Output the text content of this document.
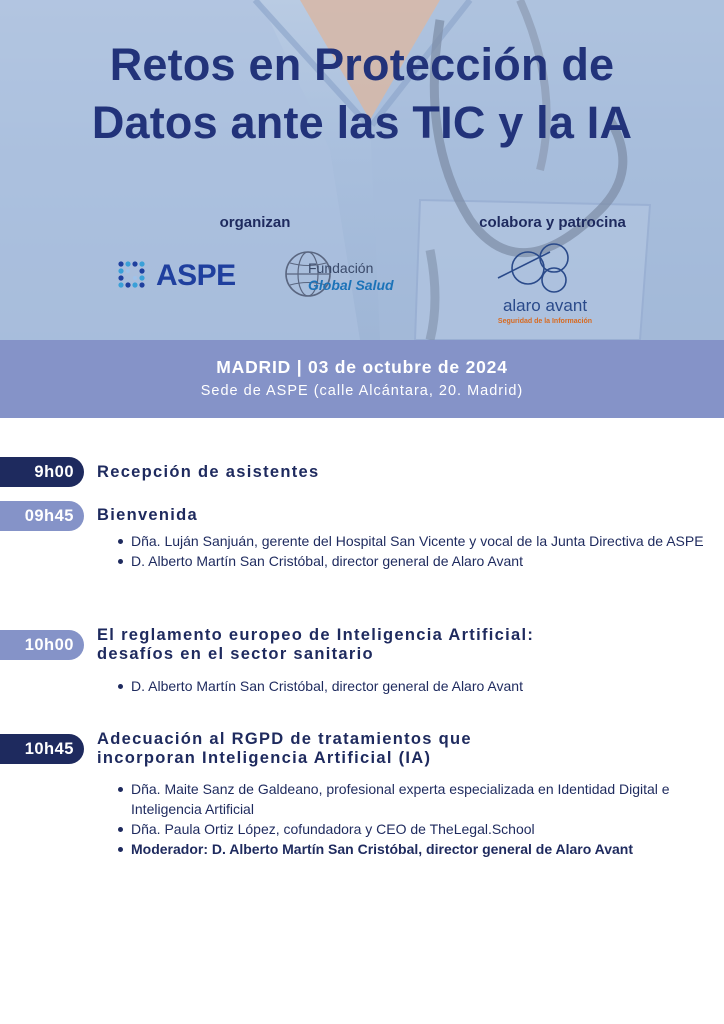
Retos en Protección de
Datos ante las TIC y la IA
organizan	colabora y patrocina
ASPE	Fundación
Global Salud
alaro avant
Seguridad de la Información
MADRID | 03 de octubre de 2024
Sede de ASPE (calle Alcántara, 20. Madrid)
9h00	Recepción de asistentes
09h45	Bienvenida
Dña. Luján Sanjuán, gerente del Hospital San Vicente y vocal de la Junta Directiva de ASPE
D. Alberto Martín San Cristóbal, director general de Alaro Avant
10h00
El reglamento europeo de Inteligencia Artificial:
desafíos en el sector sanitario
D. Alberto Martín San Cristóbal, director general de Alaro Avant
10h45
Adecuación al RGPD de tratamientos que
incorporan Inteligencia Artificial (IA)
Dña. Maite Sanz de Galdeano, profesional experta especializada en Identidad Digital e Inteligencia Artificial
Dña. Paula Ortiz López, cofundadora y CEO de TheLegal.School
Moderador: D. Alberto Martín San Cristóbal, director general de Alaro Avant
